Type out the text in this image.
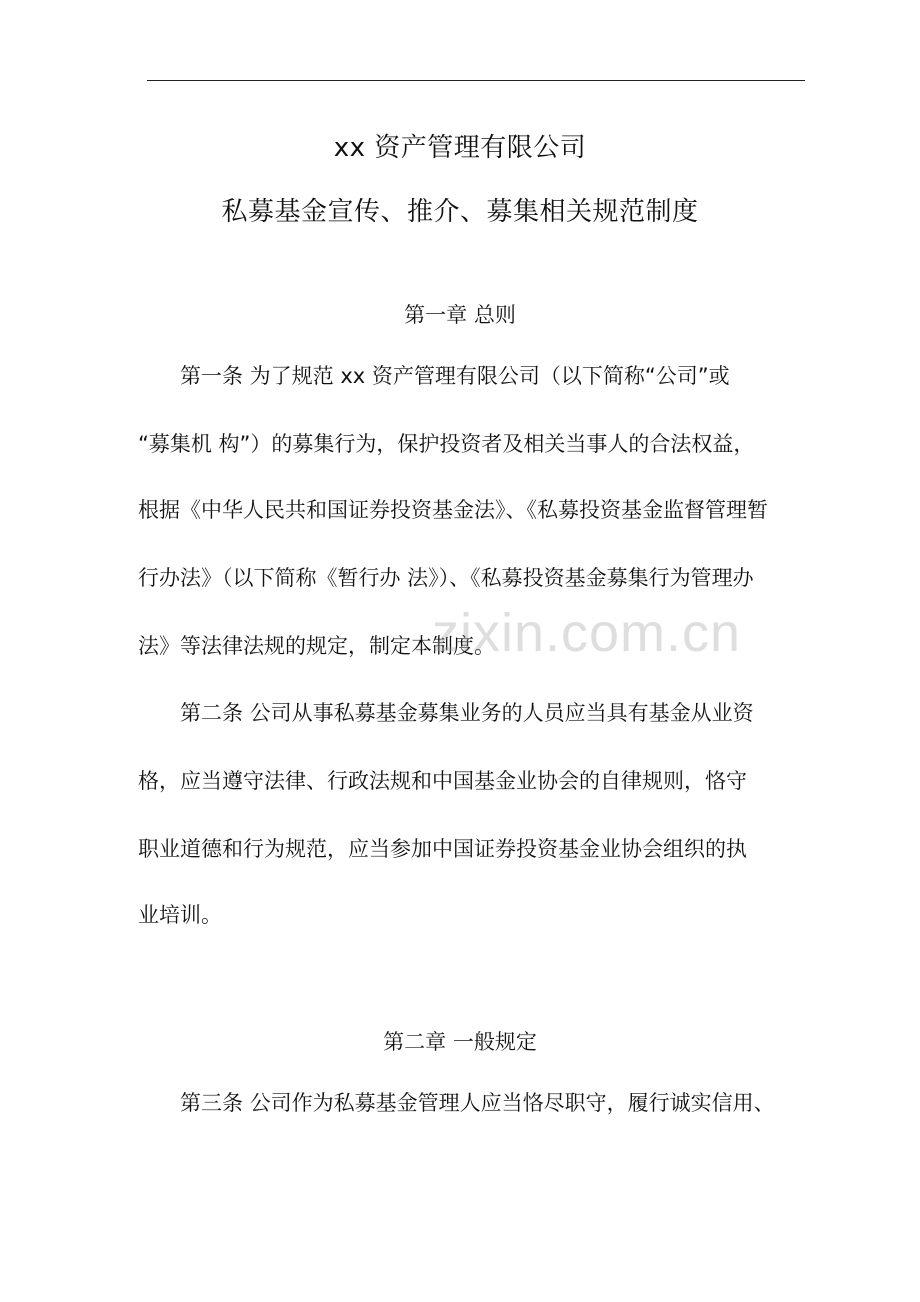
xx 资产管理有限公司
私募基金宣传、推介、募集相关规范制度
第一章 总则
第一条 为了规范 xx 资产管理有限公司（以下简称“公司”或
“募集机 构”）的募集行为，保护投资者及相关当事人的合法权益，
根据《中华人民共和国证券投资基金法》、《私募投资基金监督管理暂
行办法》（以下简称《暂行办 法》）、《私募投资基金募集行为管理办
法》等法律法规的规定，制定本制度。
第二条 公司从事私募基金募集业务的人员应当具有基金从业资
格，应当遵守法律、行政法规和中国基金业协会的自律规则，恪守
职业道德和行为规范，应当参加中国证券投资基金业协会组织的执
业培训。
第二章 一般规定
第三条 公司作为私募基金管理人应当恪尽职守，履行诚实信用、
zixin.com.cn
